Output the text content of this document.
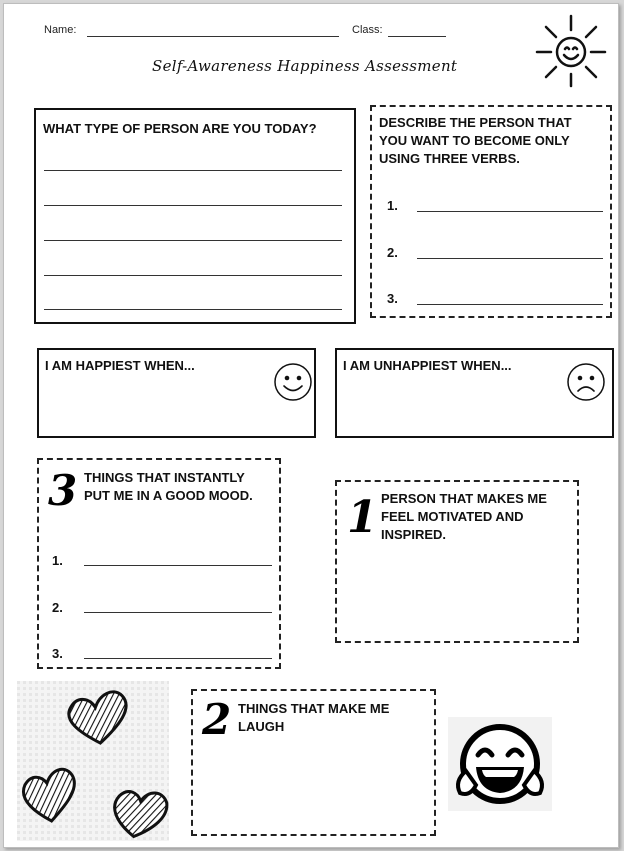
Name:	Class:
Self-Awareness Happiness Assessment
WHAT TYPE OF PERSON ARE YOU TODAY?	DESCRIBE THE PERSON THAT YOU WANT TO BECOME ONLY USING THREE VERBS.
1.
2.
3.
I AM HAPPIEST WHEN...	I AM UNHAPPIEST WHEN...
3 THINGS THAT INSTANTLY PUT ME IN A GOOD MOOD.
1.
2.
3.
1 PERSON THAT MAKES ME FEEL MOTIVATED AND INSPIRED.
2 THINGS THAT MAKE ME LAUGH
